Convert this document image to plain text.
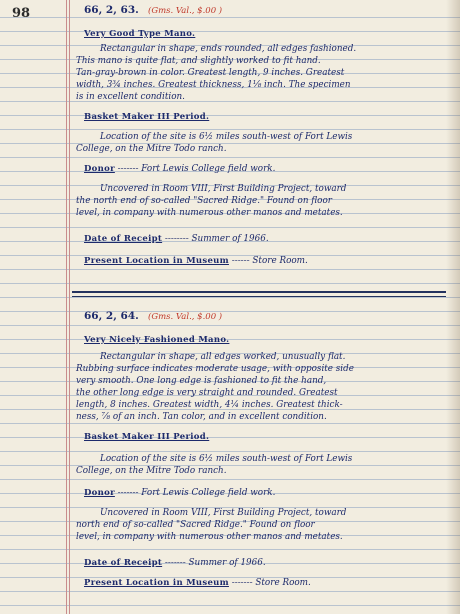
98	66, 2, 63. (Gms. Val., $.00 )
Very Good Type Mano.
Rectangular in shape, ends rounded, all edges fashioned.
This mano is quite flat, and slightly worked to fit hand.
Tan-gray-brown in color. Greatest length, 9 inches. Greatest
width, 3¾ inches. Greatest thickness, 1⅛ inch. The specimen
is in excellent condition.
Basket Maker III Period.
Location of the site is 6½ miles south-west of Fort Lewis
College, on the Mitre Todo ranch.
Donor ------- Fort Lewis College field work.
Uncovered in Room VIII, First Building Project, toward
the north end of so-called "Sacred Ridge." Found on floor
level, in company with numerous other manos and metates.
Date of Receipt -------- Summer of 1966.
Present Location in Museum ------ Store Room.
66, 2, 64. (Gms. Val., $.00 )
Very Nicely Fashioned Mano.
Rectangular in shape, all edges worked, unusually flat.
Rubbing surface indicates moderate usage, with opposite side
very smooth. One long edge is fashioned to fit the hand,
the other long edge is very straight and rounded. Greatest
length, 8 inches. Greatest width, 4¼ inches. Greatest thick-
ness, ⅞ of an inch. Tan color, and in excellent condition.
Basket Maker III Period.
Location of the site is 6½ miles south-west of Fort Lewis
College, on the Mitre Todo ranch.
Donor ------- Fort Lewis College field work.
Uncovered in Room VIII, First Building Project, toward
north end of so-called "Sacred Ridge." Found on floor
level, in company with numerous other manos and metates.
Date of Receipt ------- Summer of 1966.
Present Location in Museum ------- Store Room.
